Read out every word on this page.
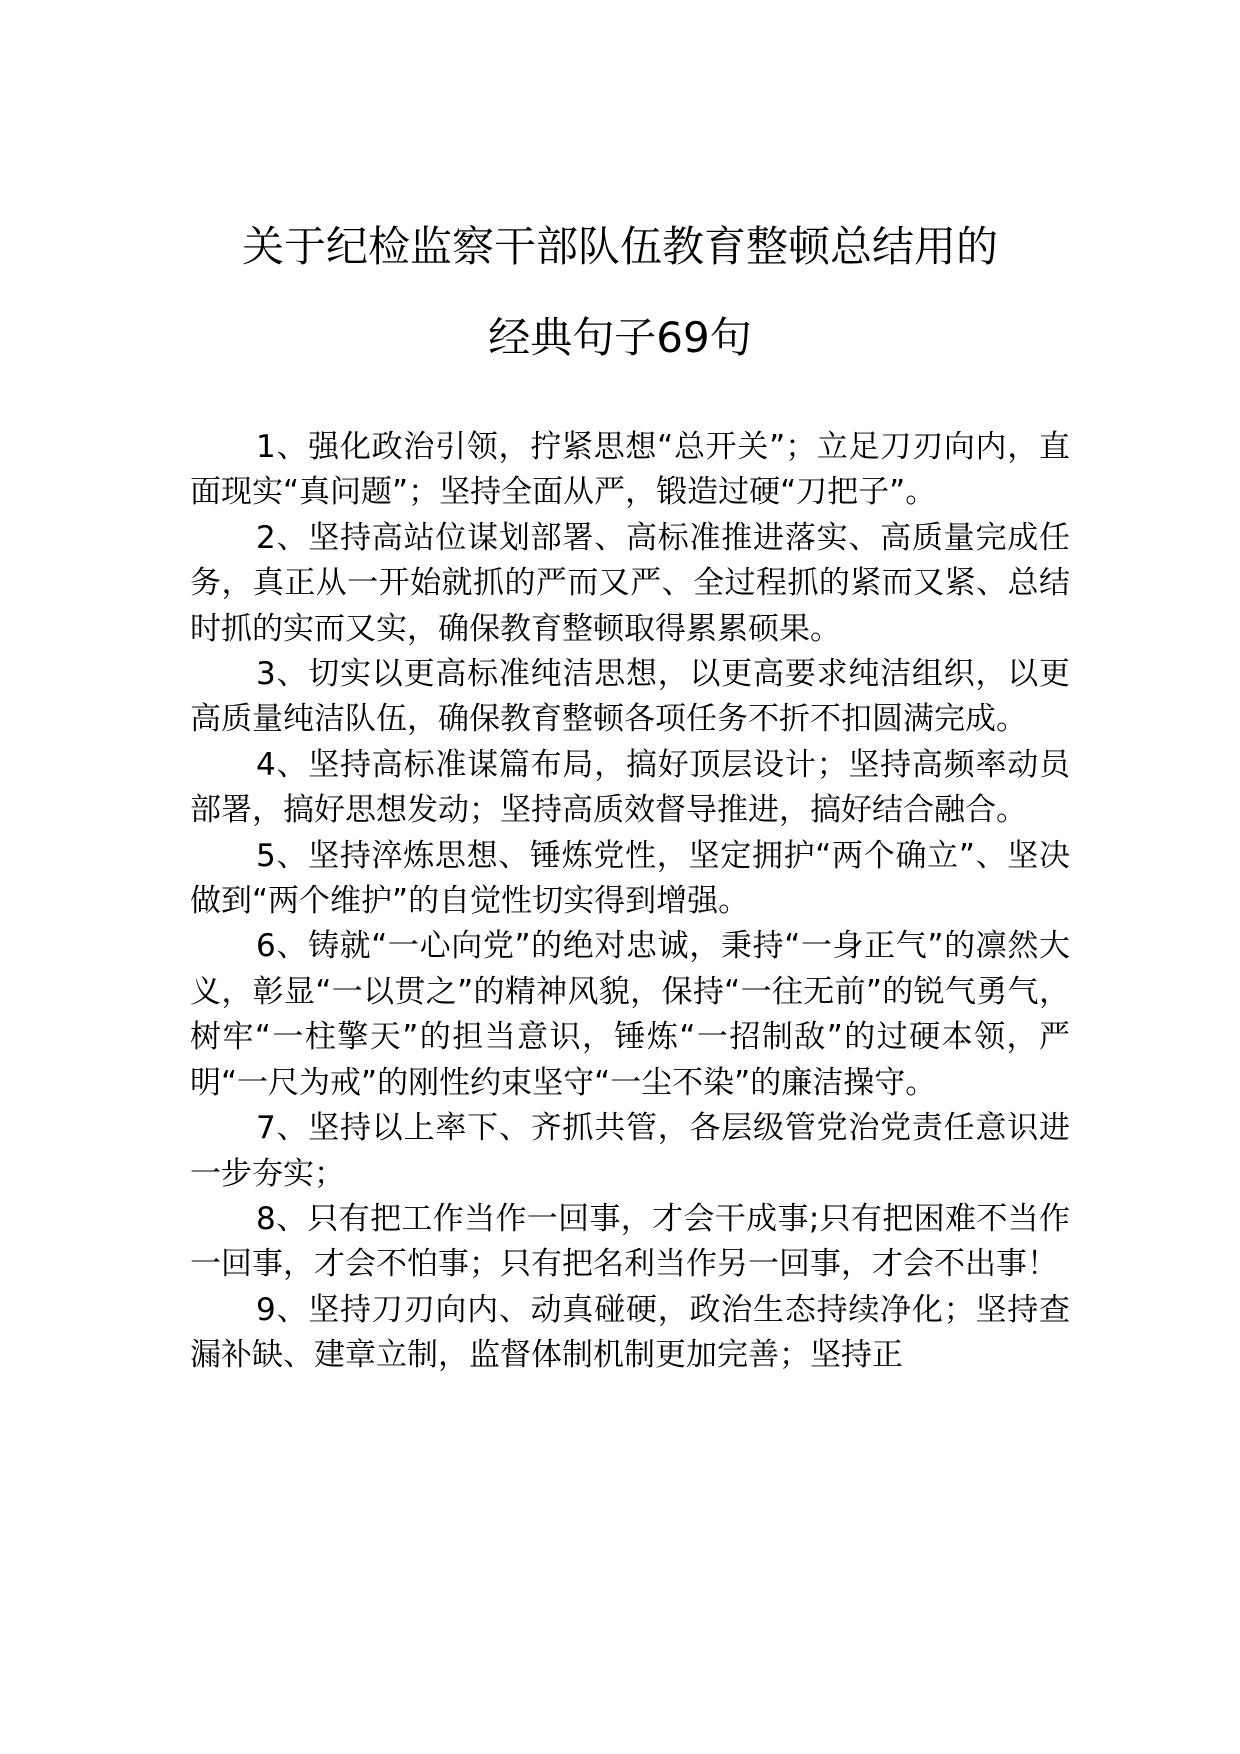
关于纪检监察干部队伍教育整顿总结用的
经典句子69句

1、强化政治引领，拧紧思想“总开关”；立足刀刃向内，直面现实“真问题”；坚持全面从严，锻造过硬“刀把子”。

2、坚持高站位谋划部署、高标准推进落实、高质量完成任务，真正从一开始就抓的严而又严、全过程抓的紧而又紧、总结时抓的实而又实，确保教育整顿取得累累硕果。

3、切实以更高标准纯洁思想，以更高要求纯洁组织，以更高质量纯洁队伍，确保教育整顿各项任务不折不扣圆满完成。

4、坚持高标准谋篇布局，搞好顶层设计；坚持高频率动员部署，搞好思想发动；坚持高质效督导推进，搞好结合融合。

5、坚持淬炼思想、锤炼党性，坚定拥护“两个确立”、坚决做到“两个维护”的自觉性切实得到增强。

6、铸就“一心向党”的绝对忠诚，秉持“一身正气”的凛然大义，彰显“一以贯之”的精神风貌，保持“一往无前”的锐气勇气，树牢“一柱擎天”的担当意识，锤炼“一招制敌”的过硬本领，严明“一尺为戒”的刚性约束坚守“一尘不染”的廉洁操守。

7、坚持以上率下、齐抓共管，各层级管党治党责任意识进一步夯实；

8、只有把工作当作一回事，才会干成事;只有把困难不当作一回事，才会不怕事；只有把名利当作另一回事，才会不出事！

9、坚持刀刃向内、动真碰硬，政治生态持续净化；坚持查漏补缺、建章立制，监督体制机制更加完善；坚持正
